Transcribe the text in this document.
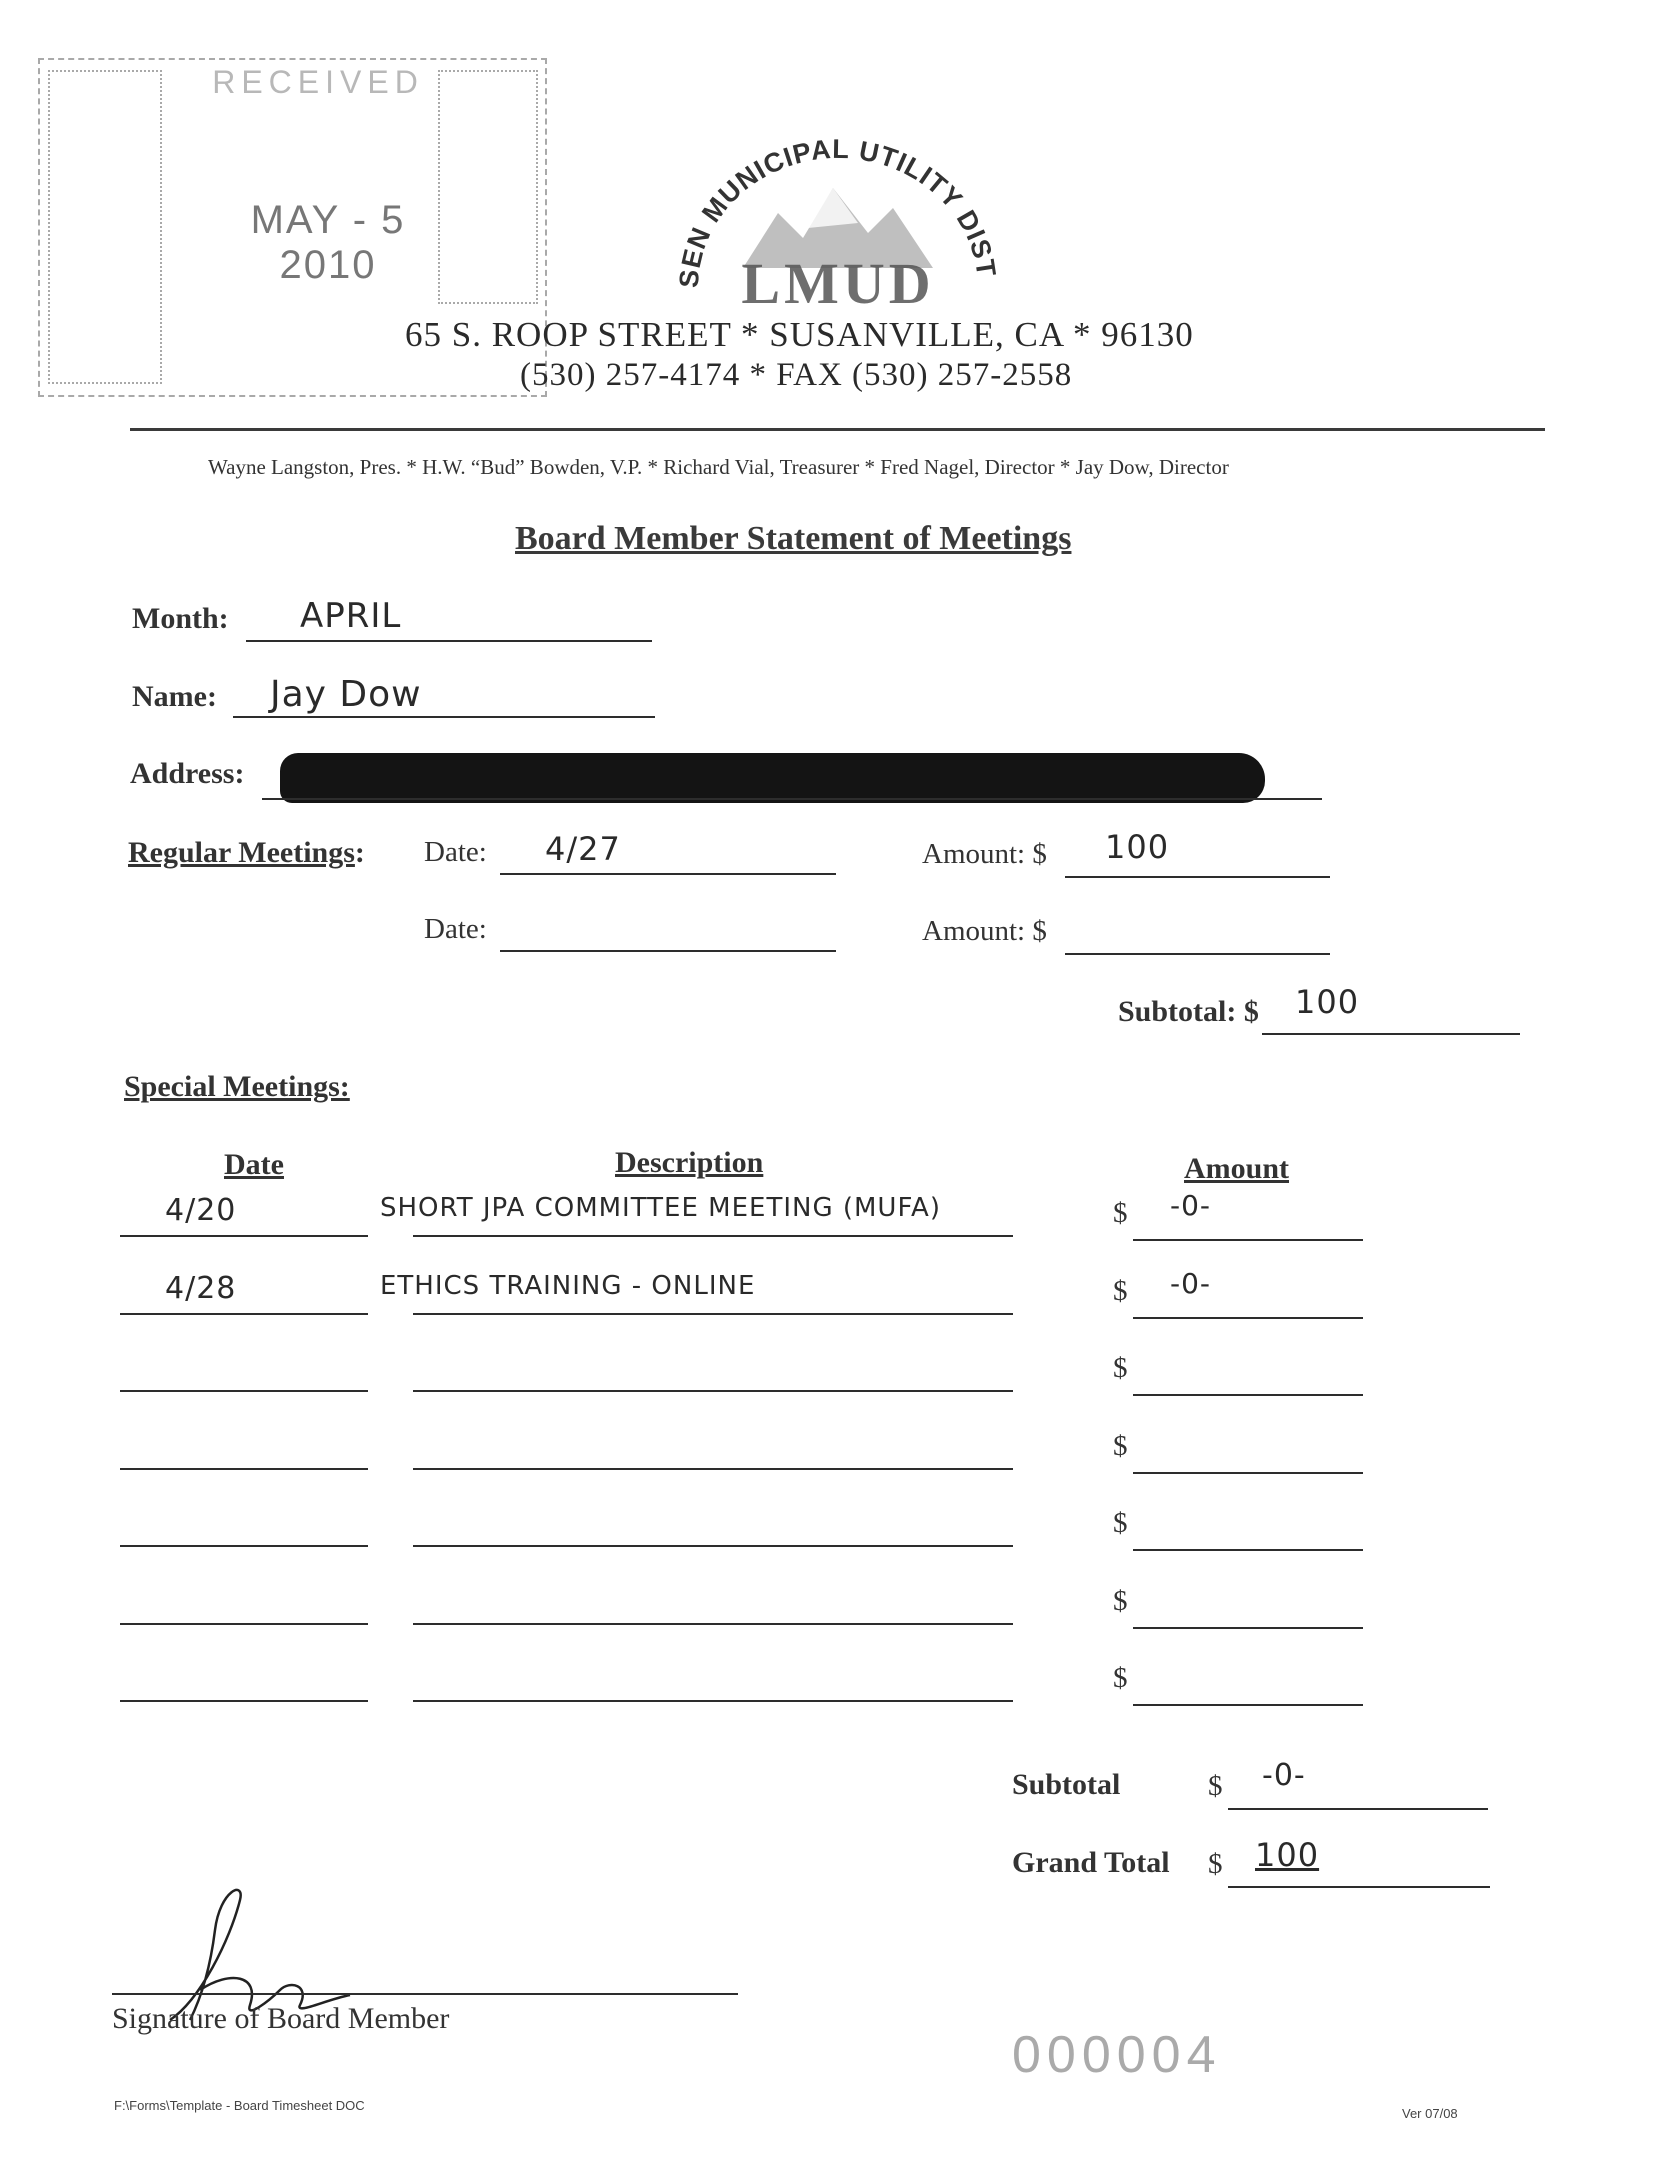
RECEIVED
MAY - 5 2010	SEN MUNICIPAL UTILITY DIST
LMUD
65 S. ROOP STREET * SUSANVILLE, CA * 96130
(530) 257-4174 * FAX (530) 257-2558
Wayne Langston, Pres. * H.W. “Bud” Bowden, V.P. * Richard Vial, Treasurer * Fred Nagel, Director * Jay Dow, Director
Board Member Statement of Meetings
Month: APRIL
Name: Jay Dow
Address:
Regular Meetings: Date: 4/27	Amount: $ 100
Date:	Amount: $
Subtotal: $ 100
Special Meetings:
Date	Description	Amount
4/20	SHORT JPA COMMITTEE MEETING (MUFA)	$ -0-
4/28	ETHICS TRAINING - ONLINE	$ -0-
$
$
$
$
$
Subtotal	$ -0-
Grand Total $ 100
Signature of Board Member
000004
F:\Forms\Template - Board Timesheet DOC
Ver 07/08
